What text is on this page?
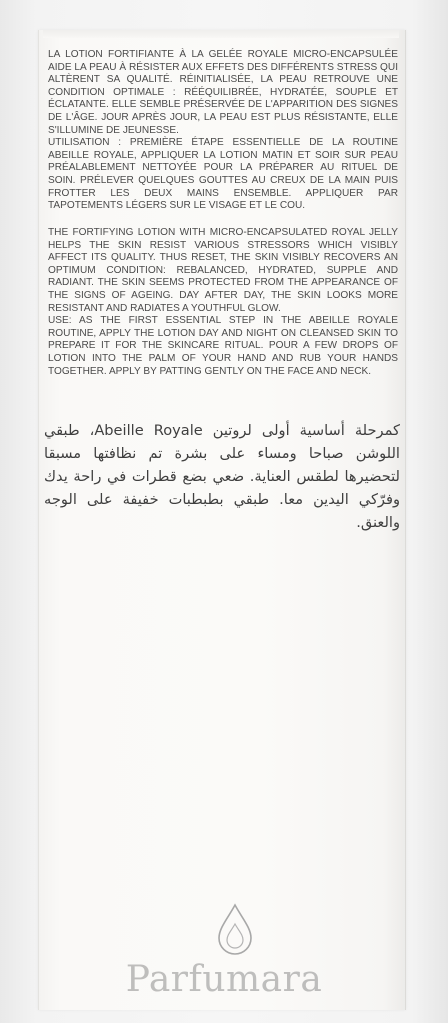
LA LOTION FORTIFIANTE À LA GELÉE ROYALE MICRO-ENCAPSULÉE AIDE LA PEAU À RÉSISTER AUX EFFETS DES DIFFÉRENTS STRESS QUI ALTÈRENT SA QUALITÉ. RÉINITIALISÉE, LA PEAU RETROUVE UNE CONDITION OPTIMALE : RÉÉQUILIBRÉE, HYDRATÉE, SOUPLE ET ÉCLATANTE. ELLE SEMBLE PRÉSERVÉE DE L'APPARITION DES SIGNES DE L'ÂGE. JOUR APRÈS JOUR, LA PEAU EST PLUS RÉSISTANTE, ELLE S'ILLUMINE DE JEUNESSE.
UTILISATION : PREMIÈRE ÉTAPE ESSENTIELLE DE LA ROUTINE ABEILLE ROYALE, APPLIQUER LA LOTION MATIN ET SOIR SUR PEAU PRÉALABLEMENT NETTOYÉE POUR LA PRÉPARER AU RITUEL DE SOIN. PRÉLEVER QUELQUES GOUTTES AU CREUX DE LA MAIN PUIS FROTTER LES DEUX MAINS ENSEMBLE. APPLIQUER PAR TAPOTEMENTS LÉGERS SUR LE VISAGE ET LE COU.
THE FORTIFYING LOTION WITH MICRO-ENCAPSULATED ROYAL JELLY HELPS THE SKIN RESIST VARIOUS STRESSORS WHICH VISIBLY AFFECT ITS QUALITY. THUS RESET, THE SKIN VISIBLY RECOVERS AN OPTIMUM CONDITION: REBALANCED, HYDRATED, SUPPLE AND RADIANT. THE SKIN SEEMS PROTECTED FROM THE APPEARANCE OF THE SIGNS OF AGEING. DAY AFTER DAY, THE SKIN LOOKS MORE RESISTANT AND RADIATES A YOUTHFUL GLOW.
USE: AS THE FIRST ESSENTIAL STEP IN THE ABEILLE ROYALE ROUTINE, APPLY THE LOTION DAY AND NIGHT ON CLEANSED SKIN TO PREPARE IT FOR THE SKINCARE RITUAL. POUR A FEW DROPS OF LOTION INTO THE PALM OF YOUR HAND AND RUB YOUR HANDS TOGETHER. APPLY BY PATTING GENTLY ON THE FACE AND NECK.

كمرحلة أساسية أولى لروتين Abeille Royale، طبقي اللوشن صباحا ومساء على بشرة تم نظافتها مسبقا لتحضيرها لطقس العناية. ضعي بضع قطرات في راحة يدك وفرّكي اليدين معا. طبقي بطبطبات خفيفة على الوجه والعنق.

Parfumara
